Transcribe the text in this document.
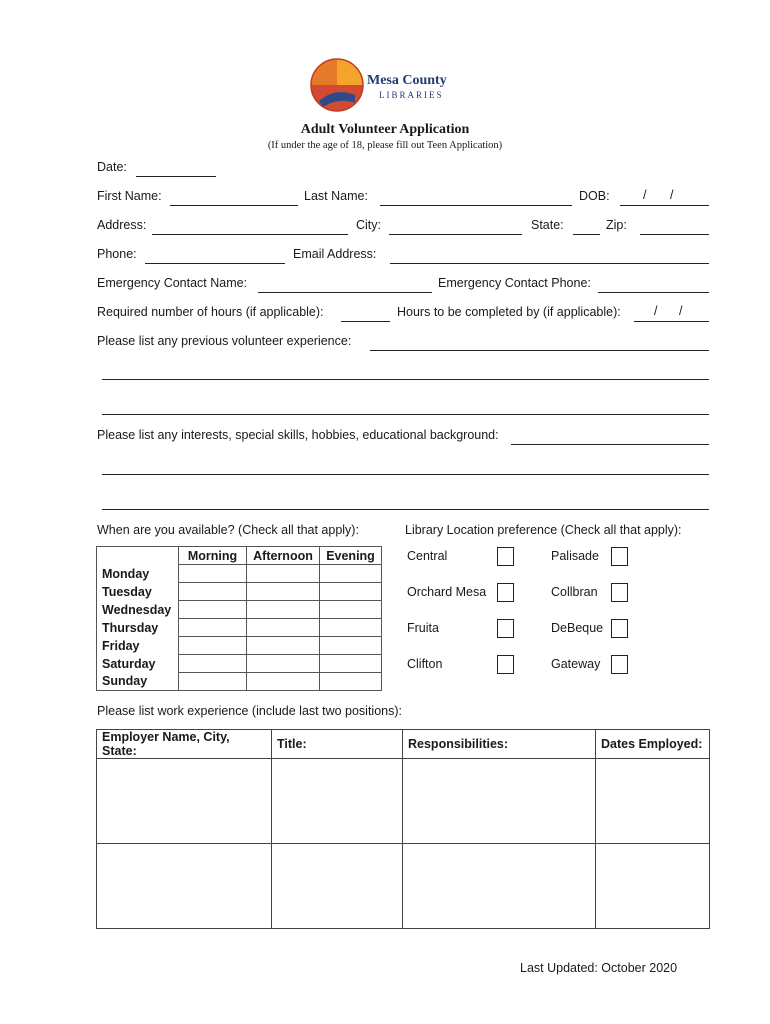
Mesa County
LIBRARIES
Adult Volunteer Application
(If under the age of 18, please fill out Teen Application)
Date:
First Name:	Last Name:	DOB:	/ /
Address:	City:	State:	Zip:
Phone:	Email Address:
Emergency Contact Name:	Emergency Contact Phone:
Required number of hours (if applicable):	Hours to be completed by (if applicable):	/ /
Please list any previous volunteer experience:
Please list any interests, special skills, hobbies, educational background:
When are you available? (Check all that apply):
	Morning	Afternoon	Evening
Monday			
Tuesday			
Wednesday			
Thursday			
Friday			
Saturday			
Sunday			
Library Location preference (Check all that apply):
Central	Palisade
Orchard Mesa	Collbran
Fruita	DeBeque
Clifton	Gateway
Please list work experience (include last two positions):
Employer Name, City, State:	Title:	Responsibilities:	Dates Employed:

Last Updated: October 2020
